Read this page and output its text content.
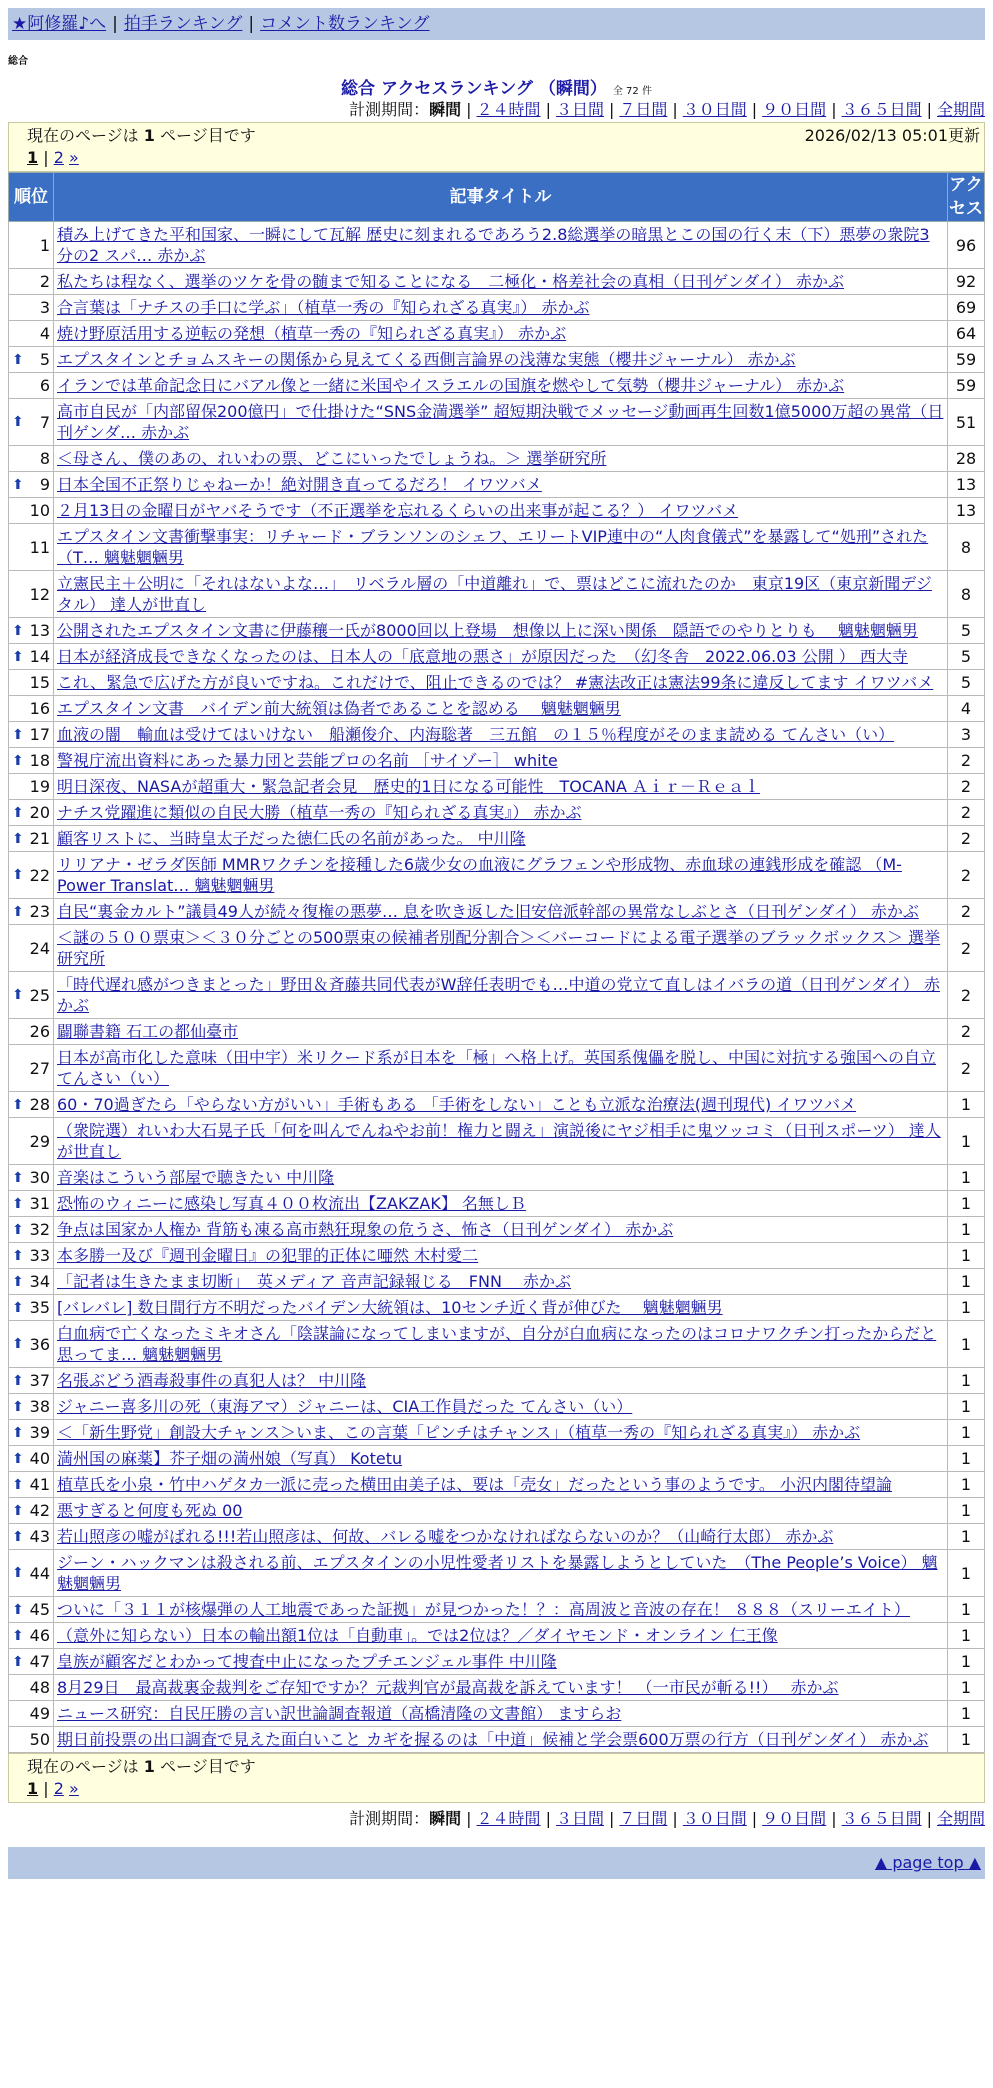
★阿修羅♪へ | 拍手ランキング | コメント数ランキング
総合
総合 アクセスランキング （瞬間） 全 72 件
計測期間：瞬間 | ２４時間 | ３日間 | ７日間 | ３０日間 | ９０日間 | ３６５日間 | 全期間
現在のページは 1 ページ目です	2026/02/13 05:01更新
1 | 2 »
順位	記事タイトル	アクセス
1	積み上げてきた平和国家、一瞬にして瓦解 歴史に刻まれるであろう2.8総選挙の暗黒とこの国の行く末（下）悪夢の衆院3分の2 スパ… 赤かぶ	96
2	私たちは程なく、選挙のツケを骨の髄まで知ることになる　二極化・格差社会の真相（日刊ゲンダイ） 赤かぶ	92
3	合言葉は「ナチスの手口に学ぶ」（植草一秀の『知られざる真実』） 赤かぶ	69
4	焼け野原活用する逆転の発想（植草一秀の『知られざる真実』） 赤かぶ	64

⬆ 5	エプスタインとチョムスキーの関係から見えてくる西側言論界の浅薄な実態（櫻井ジャーナル） 赤かぶ	59
6	イランでは革命記念日にバアル像と一緒に米国やイスラエルの国旗を燃やして気勢（櫻井ジャーナル） 赤かぶ	59

⬆ 7	高市自民が「内部留保200億円」で仕掛けた“SNS金満選挙” 超短期決戦でメッセージ動画再生回数1億5000万超の異常（日刊ゲンダ… 赤かぶ	51
8	＜母さん、僕のあの、れいわの票、どこにいったでしょうね。＞ 選挙研究所	28

⬆ 9	日本全国不正祭りじゃねーか！絶対開き直ってるだろ！ イワツバメ	13
10	２月13日の金曜日がヤバそうです（不正選挙を忘れるくらいの出来事が起こる？） イワツバメ	13
11	エプスタイン文書衝撃事実：リチャード・ブランソンのシェフ、エリートVIP連中の“人肉食儀式”を暴露して“処刑”された（T… 魑魅魍魎男	8
12	立憲民主＋公明に「それはないよな…」　リベラル層の「中道離れ」で、票はどこに流れたのか　東京19区（東京新聞デジタル） 達人が世直し	8

⬆ 13	公開されたエプスタイン文書に伊藤穰一氏が8000回以上登場　想像以上に深い関係　隠語でのやりとりも　 魑魅魍魎男	5

⬆ 14	日本が経済成長できなくなったのは、日本人の「底意地の悪さ」が原因だった　（幻冬舎　2022.06.03 公開 ） 西大寺	5
15	これ、緊急で広げた方が良いですね。これだけで、阻止できるのでは？ #憲法改正は憲法99条に違反してます イワツバメ	5
16	エプスタイン文書　バイデン前大統領は偽者であることを認める　 魑魅魍魎男	4

⬆ 17	血液の闇　輸血は受けてはいけない　船瀬俊介、内海聡著　三五館　の１５％程度がそのまま読める てんさい（い）	3

⬆ 18	警視庁流出資料にあった暴力団と芸能プロの名前 ［サイゾー］ white	2
19	明日深夜、NASAが超重大・緊急記者会見　歴史的1日になる可能性　TOCANA Ａｉｒ－Ｒｅａｌ	2

⬆ 20	ナチス党躍進に類似の自民大勝（植草一秀の『知られざる真実』） 赤かぶ	2

⬆ 21	顧客リストに、当時皇太子だった徳仁氏の名前があった。 中川隆	2

⬆ 22	リリアナ・ゼラダ医師 MMRワクチンを接種した6歳少女の血液にグラフェンや形成物、赤血球の連銭形成を確認 （M-Power Translat… 魑魅魍魎男	2

⬆ 23	自民“裏金カルト”議員49人が続々復権の悪夢… 息を吹き返した旧安倍派幹部の異常なしぶとさ（日刊ゲンダイ） 赤かぶ	2
24	＜謎の５００票束＞＜３０分ごとの500票束の候補者別配分割合＞＜バーコードによる電子選挙のブラックボックス＞ 選挙研究所	2

⬆ 25	「時代遅れ感がつきまとった」野田＆斉藤共同代表がW辞任表明でも…中道の党立て直しはイバラの道（日刊ゲンダイ） 赤かぶ	2
26	闢聯書籍 石工の都仙臺市	2
27	日本が高市化した意味（田中宇）米リクード系が日本を「極」へ格上げ。英国系傀儡を脱し、中国に対抗する強国への自立 てんさい（い）	2

⬆ 28	60・70過ぎたら「やらない方がいい」手術もある 「手術をしない」ことも立派な治療法(週刊現代) イワツバメ	1
29	（衆院選）れいわ大石晃子氏「何を叫んでんねやお前！権力と闘え」演説後にヤジ相手に鬼ツッコミ（日刊スポーツ） 達人が世直し	1

⬆ 30	音楽はこういう部屋で聴きたい 中川隆	1

⬆ 31	恐怖のウィニーに感染し写真４００枚流出【ZAKZAK】 名無しＢ	1

⬆ 32	争点は国家か人権か 背筋も凍る高市熱狂現象の危うさ、怖さ（日刊ゲンダイ） 赤かぶ	1

⬆ 33	本多勝一及び『週刊金曜日』の犯罪的正体に唖然 木村愛二	1

⬆ 34	「記者は生きたまま切断」　英メディア 音声記録報じる　FNN　 赤かぶ	1

⬆ 35	[バレバレ] 数日間行方不明だったバイデン大統領は、10センチ近く背が伸びた　 魑魅魍魎男	1

⬆ 36	白血病で亡くなったミキオさん「陰謀論になってしまいますが、自分が白血病になったのはコロナワクチン打ったからだと思ってま… 魑魅魍魎男	1

⬆ 37	名張ぶどう酒毒殺事件の真犯人は？ 中川隆	1

⬆ 38	ジャニー喜多川の死（東海アマ）ジャニーは、CIA工作員だった てんさい（い）	1

⬆ 39	＜「新生野党」創設大チャンス＞いま、この言葉「ピンチはチャンス」（植草一秀の『知られざる真実』） 赤かぶ	1

⬆ 40	満州国の麻薬】芥子畑の満州娘（写真） Kotetu	1

⬆ 41	植草氏を小泉・竹中ハゲタカ一派に売った横田由美子は、要は「売女」だったという事のようです。 小沢内閣待望論	1

⬆ 42	悪すぎると何度も死ぬ 00	1

⬆ 43	若山照彦の嘘がばれる!!!若山照彦は、何故、バレる嘘をつかなければならないのか？（山崎行太郎） 赤かぶ	1

⬆ 44	ジーン・ハックマンは殺される前、エプスタインの小児性愛者リストを暴露しようとしていた　（The People’s Voice） 魑魅魍魎男	1

⬆ 45	ついに「３１１が核爆弾の人工地震であった証拠」が見つかった！？：高周波と音波の存在！ ８８８（スリーエイト）	1

⬆ 46	（意外に知らない）日本の輸出額1位は「自動車」。では2位は？／ダイヤモンド・オンライン 仁王像	1

⬆ 47	皇族が顧客だとわかって捜査中止になったプチエンジェル事件 中川隆	1
48	8月29日　最高裁裏金裁判をご存知ですか？元裁判官が最高裁を訴えています！ （一市民が斬る!!）　 赤かぶ	1
49	ニュース研究：自民圧勝の言い訳世論調査報道（高橋清隆の文書館） ますらお	1
50	期日前投票の出口調査で見えた面白いこと カギを握るのは「中道」候補と学会票600万票の行方（日刊ゲンダイ） 赤かぶ	1
現在のページは 1 ページ目です
1 | 2 »
計測期間：瞬間 | ２４時間 | ３日間 | ７日間 | ３０日間 | ９０日間 | ３６５日間 | 全期間
▲ page top ▲
